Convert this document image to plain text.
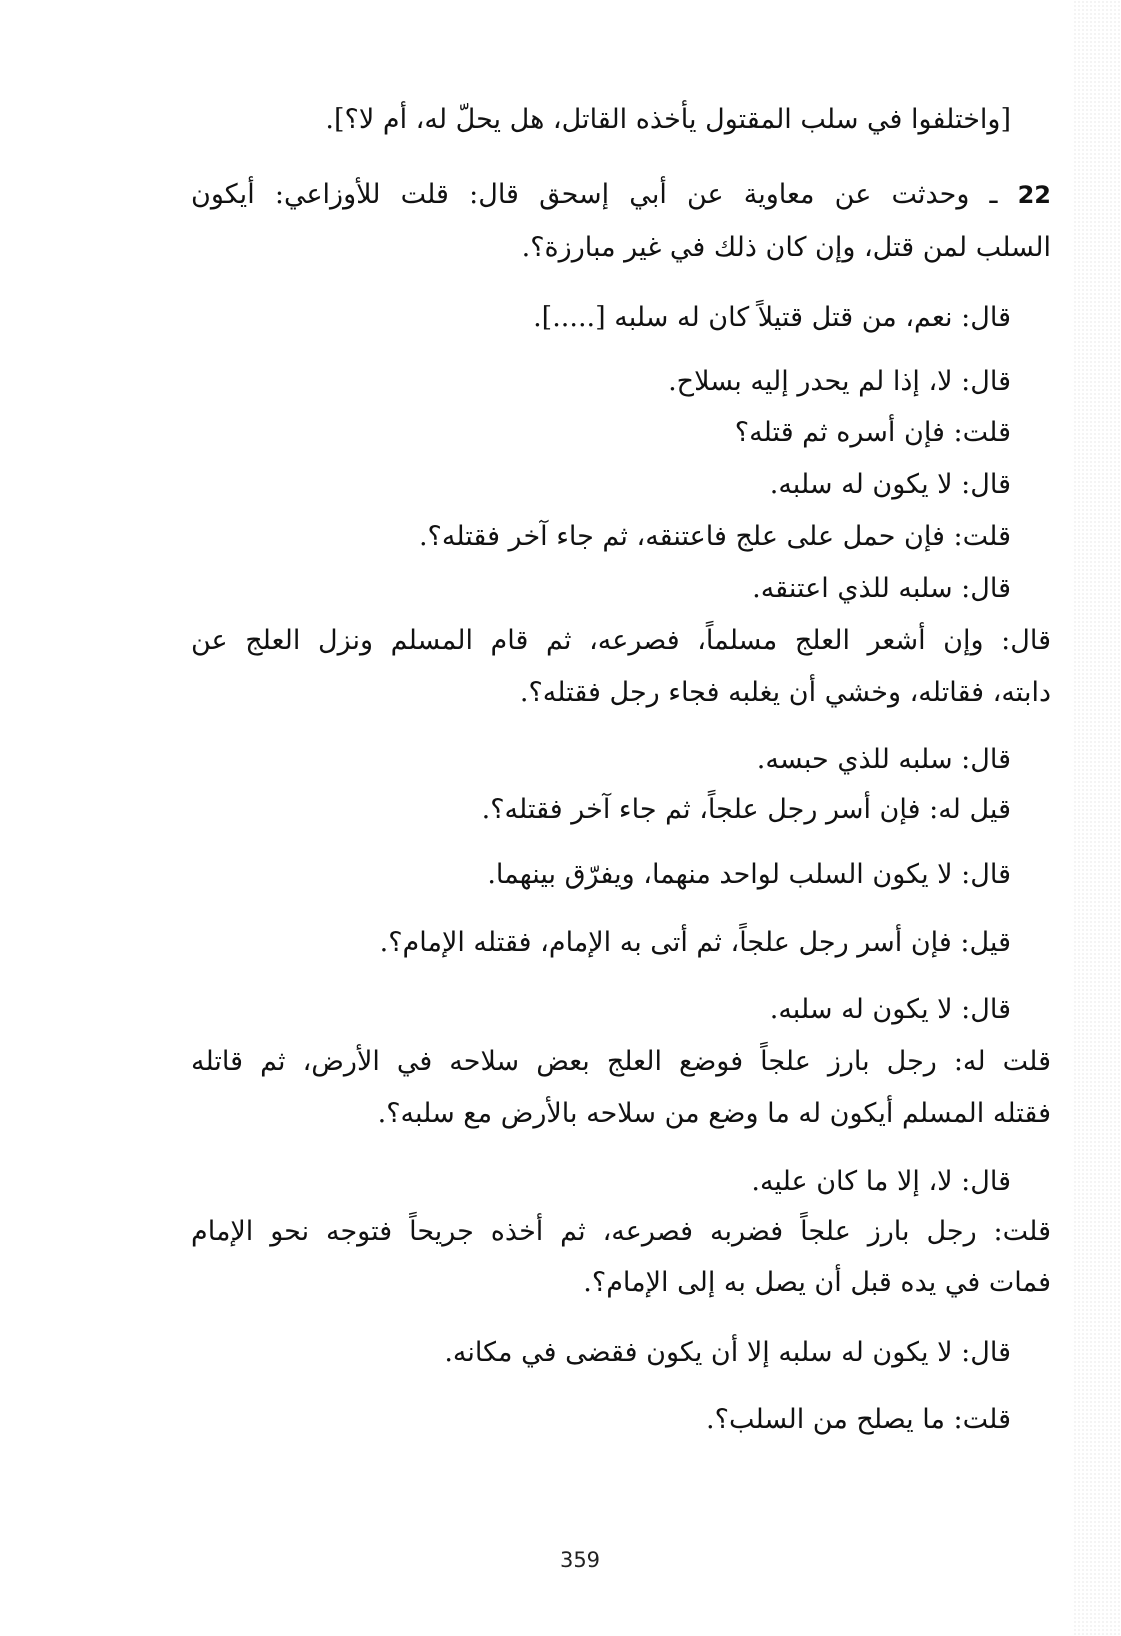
[واختلفوا في سلب المقتول يأخذه القاتل، هل يحلّ له، أم لا؟].
22 ـ وحدثت عن معاوية عن أبي إسحق قال: قلت للأوزاعي: أيكون
السلب لمن قتل، وإن كان ذلك في غير مبارزة؟.
قال: نعم، من قتل قتيلاً كان له سلبه [.....].
قال: لا، إذا لم يحدر إليه بسلاح.
قلت: فإن أسره ثم قتله؟
قال: لا يكون له سلبه.
قلت: فإن حمل على علج فاعتنقه، ثم جاء آخر فقتله؟.
قال: سلبه للذي اعتنقه.
قال: وإن أشعر العلج مسلماً، فصرعه، ثم قام المسلم ونزل العلج عن
دابته، فقاتله، وخشي أن يغلبه فجاء رجل فقتله؟.
قال: سلبه للذي حبسه.
قيل له: فإن أسر رجل علجاً، ثم جاء آخر فقتله؟.
قال: لا يكون السلب لواحد منهما، ويفرّق بينهما.
قيل: فإن أسر رجل علجاً، ثم أتى به الإمام، فقتله الإمام؟.
قال: لا يكون له سلبه.
قلت له: رجل بارز علجاً فوضع العلج بعض سلاحه في الأرض، ثم قاتله
فقتله المسلم أيكون له ما وضع من سلاحه بالأرض مع سلبه؟.
قال: لا، إلا ما كان عليه.
قلت: رجل بارز علجاً فضربه فصرعه، ثم أخذه جريحاً فتوجه نحو الإمام
فمات في يده قبل أن يصل به إلى الإمام؟.
قال: لا يكون له سلبه إلا أن يكون فقضى في مكانه.
قلت: ما يصلح من السلب؟.
359
